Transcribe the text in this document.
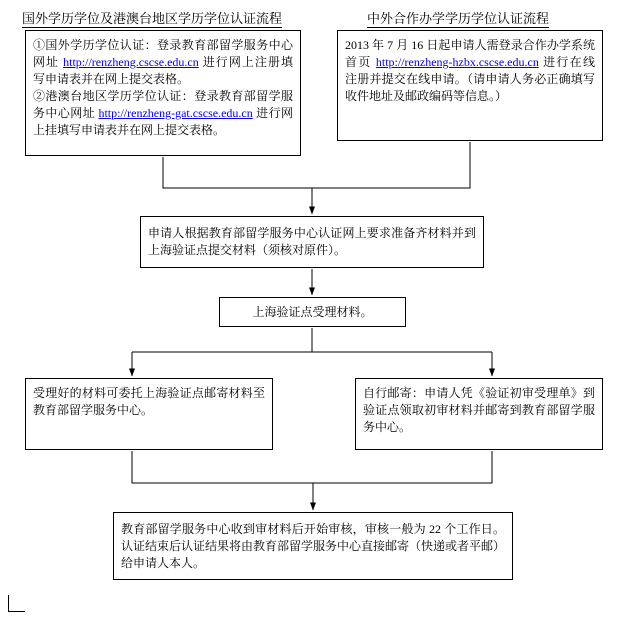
国外学历学位及港澳台地区学历学位认证流程	中外合作办学学历学位认证流程

①国外学历学位认证：登录教育部留学服务中心网址 http://renzheng.cscse.edu.cn 进行网上注册填写申请表并在网上提交表格。

②港澳台地区学历学位认证：登录教育部留学服务中心网址 http://renzheng-gat.cscse.edu.cn 进行网上挂填写申请表并在网上提交表格。

2013 年 7 月 16 日起申请人需登录合作办学系统首页 http://renzheng-hzbx.cscse.edu.cn 进行在线注册并提交在线申请。（请申请人务必正确填写收件地址及邮政编码等信息。）

申请人根据教育部留学服务中心认证网上要求准备齐材料并到上海验证点提交材料（须核对原件）。

上海验证点受理材料。

受理好的材料可委托上海验证点邮寄材料至教育部留学服务中心。

自行邮寄：申请人凭《验证初审受理单》到验证点领取初审材料并邮寄到教育部留学服务中心。

教育部留学服务中心收到审材料后开始审核，审核一般为 22 个工作日。认证结束后认证结果将由教育部留学服务中心直接邮寄（快递或者平邮）给申请人本人。
